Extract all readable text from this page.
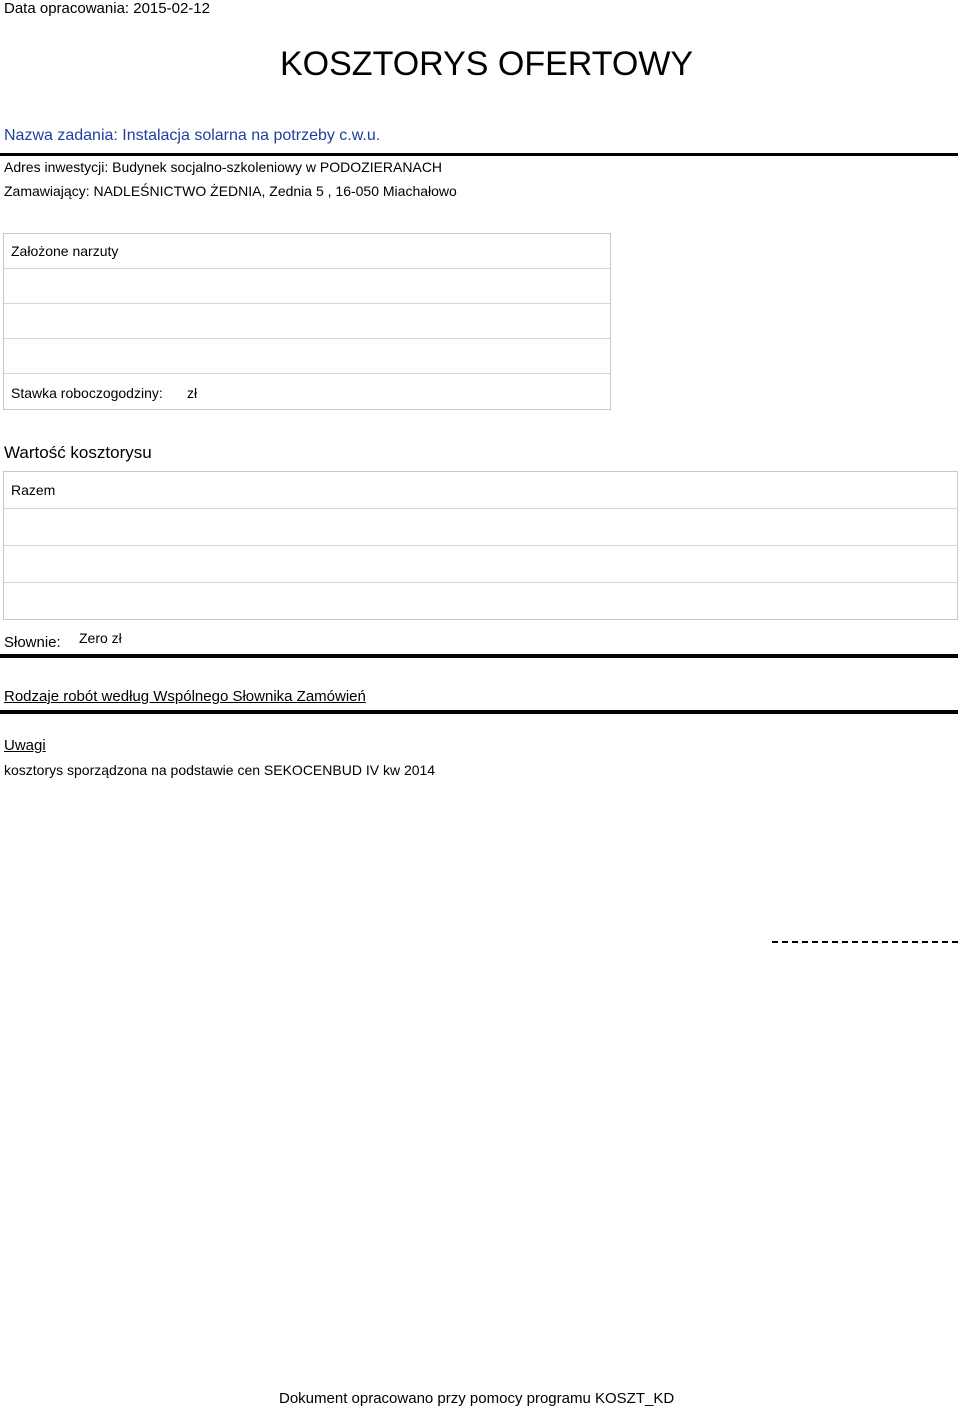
Data opracowania: 2015-02-12
KOSZTORYS OFERTOWY
Nazwa zadania: Instalacja solarna na potrzeby c.w.u.
Adres inwestycji: Budynek socjalno-szkoleniowy w PODOZIERANACH
Zamawiający: NADLEŚNICTWO ŻEDNIA, Zednia 5 , 16-050 Miachałowo
Założone narzuty
Stawka roboczogodziny: zł
Wartość kosztorysu
Razem
Słownie: Zero zł
Rodzaje robót według Wspólnego Słownika Zamówień
Uwagi
kosztorys sporządzona na podstawie cen SEKOCENBUD IV kw 2014
Dokument opracowano przy pomocy programu KOSZT_KD
